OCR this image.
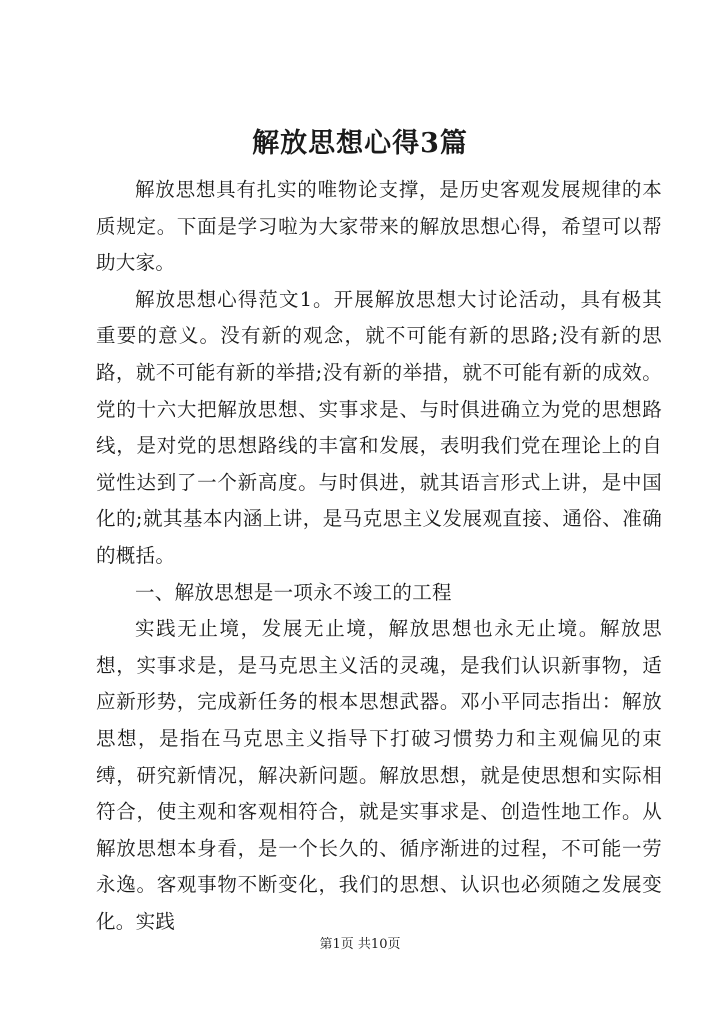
解放思想心得3篇

解放思想具有扎实的唯物论支撑，是历史客观发展规律的本质规定。下面是学习啦为大家带来的解放思想心得，希望可以帮助大家。

解放思想心得范文1。开展解放思想大讨论活动，具有极其重要的意义。没有新的观念，就不可能有新的思路;没有新的思路，就不可能有新的举措;没有新的举措，就不可能有新的成效。党的十六大把解放思想、实事求是、与时俱进确立为党的思想路线，是对党的思想路线的丰富和发展，表明我们党在理论上的自觉性达到了一个新高度。与时俱进，就其语言形式上讲，是中国化的;就其基本内涵上讲，是马克思主义发展观直接、通俗、准确的概括。

一、解放思想是一项永不竣工的工程

实践无止境，发展无止境，解放思想也永无止境。解放思想，实事求是，是马克思主义活的灵魂，是我们认识新事物，适应新形势，完成新任务的根本思想武器。邓小平同志指出：解放思想，是指在马克思主义指导下打破习惯势力和主观偏见的束缚，研究新情况，解决新问题。解放思想，就是使思想和实际相符合，使主观和客观相符合，就是实事求是、创造性地工作。从解放思想本身看，是一个长久的、循序渐进的过程，不可能一劳永逸。客观事物不断变化，我们的思想、认识也必须随之发展变化。实践

第1页 共10页
